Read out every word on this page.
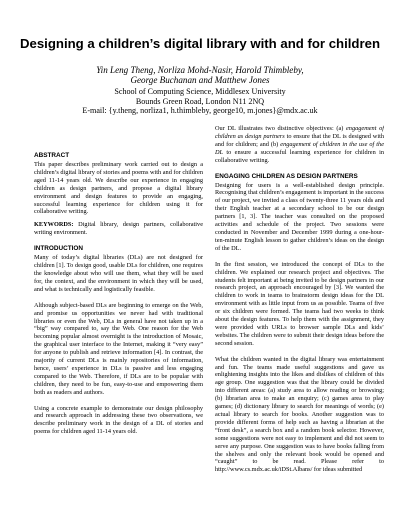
Designing a children’s digital library with and for children
Yin Leng Theng, Norliza Mohd-Nasir, Harold Thimbleby,
George Buchanan and Matthew Jones
School of Computing Science, Middlesex University
Bounds Green Road, London N11 2NQ
E-mail: {y.theng, norliza1, h.thimbleby, george10, m.jones}@mdx.ac.uk
ABSTRACT

This paper describes preliminary work carried out to design a children’s digital library of stories and poems with and for children aged 11-14 years old. We describe our experience in engaging children as design partners, and propose a digital library environment and design features to provide an engaging, successful learning experience for children using it for collaborative writing.

KEYWORDS: Digital library, design partners, collaborative writing environment.

INTRODUCTION

Many of today’s digital libraries (DLs) are not designed for children [1]. To design good, usable DLs for children, one requires the knowledge about who will use them, what they will be used for, the context, and the environment in which they will be used, and what is technically and logistically feasible.

Although subject-based DLs are beginning to emerge on the Web, and promise us opportunities we never had with traditional libraries or even the Web, DLs in general have not taken up in a “big” way compared to, say the Web. One reason for the Web becoming popular almost overnight is the introduction of Mosaic, the graphical user interface to the Internet, making it “very easy” for anyone to publish and retrieve information [4]. In contrast, the majority of current DLs is mainly repositories of information, hence, users’ experience in DLs is passive and less engaging compared to the Web. Therefore, if DLs are to be popular with children, they need to be fun, easy-to-use and empowering them both as readers and authors.

Using a concrete example to demonstrate our design philosophy and research approach in addressing these two observations, we describe preliminary work in the design of a DL of stories and poems for children aged 11-14 years old.

Our DL illustrates two distinctive objectives: (a) engagement of children as design partners to ensure that the DL is designed with and for children; and (b) engagement of children in the use of the DL to ensure a successful learning experience for children in collaborative writing.

ENGAGING CHILDREN AS DESIGN PARTNERS

Designing for users is a well-established design principle. Recognising that children’s engagement is important in the success of our project, we invited a class of twenty-three 11 years olds and their English teacher at a secondary school to be our design partners [1, 3]. The teacher was consulted on the proposed activities and schedule of the project. Two sessions were conducted in November and December 1999 during a one-hour-ten-minute English lesson to gather children’s ideas on the design of the DL.

In the first session, we introduced the concept of DLs to the children. We explained our research project and objectives. The students felt important at being invited to be design partners in our research project, an approach encouraged by [3]. We wanted the children to work in teams to brainstorm design ideas for the DL environment with as little input from us as possible. Teams of five or six children were formed. The teams had two weeks to think about the design features. To help them with the assignment, they were provided with URLs to browser sample DLs and kids’ websites. The children were to submit their design ideas before the second session.

What the children wanted in the digital library was entertainment and fun. The teams made useful suggestions and gave us enlightening insights into the likes and dislikes of children of this age group. One suggestion was that the library could be divided into different areas: (a) study area to allow reading or browsing; (b) librarian area to make an enquiry; (c) games area to play games; (d) dictionary library to search for meanings of words; (e) actual library to search for books. Another suggestion was to provide different forms of help such as having a librarian at the “front desk”, a search box and a random book selector. However, some suggestions were not easy to implement and did not seem to serve any purpose. One suggestion was to have books falling from the shelves and only the relevant book would be opened and “caught” to be read. Please refer to http://www.cs.mdx.ac.uk/iDSt.Albans/ for ideas submitted
